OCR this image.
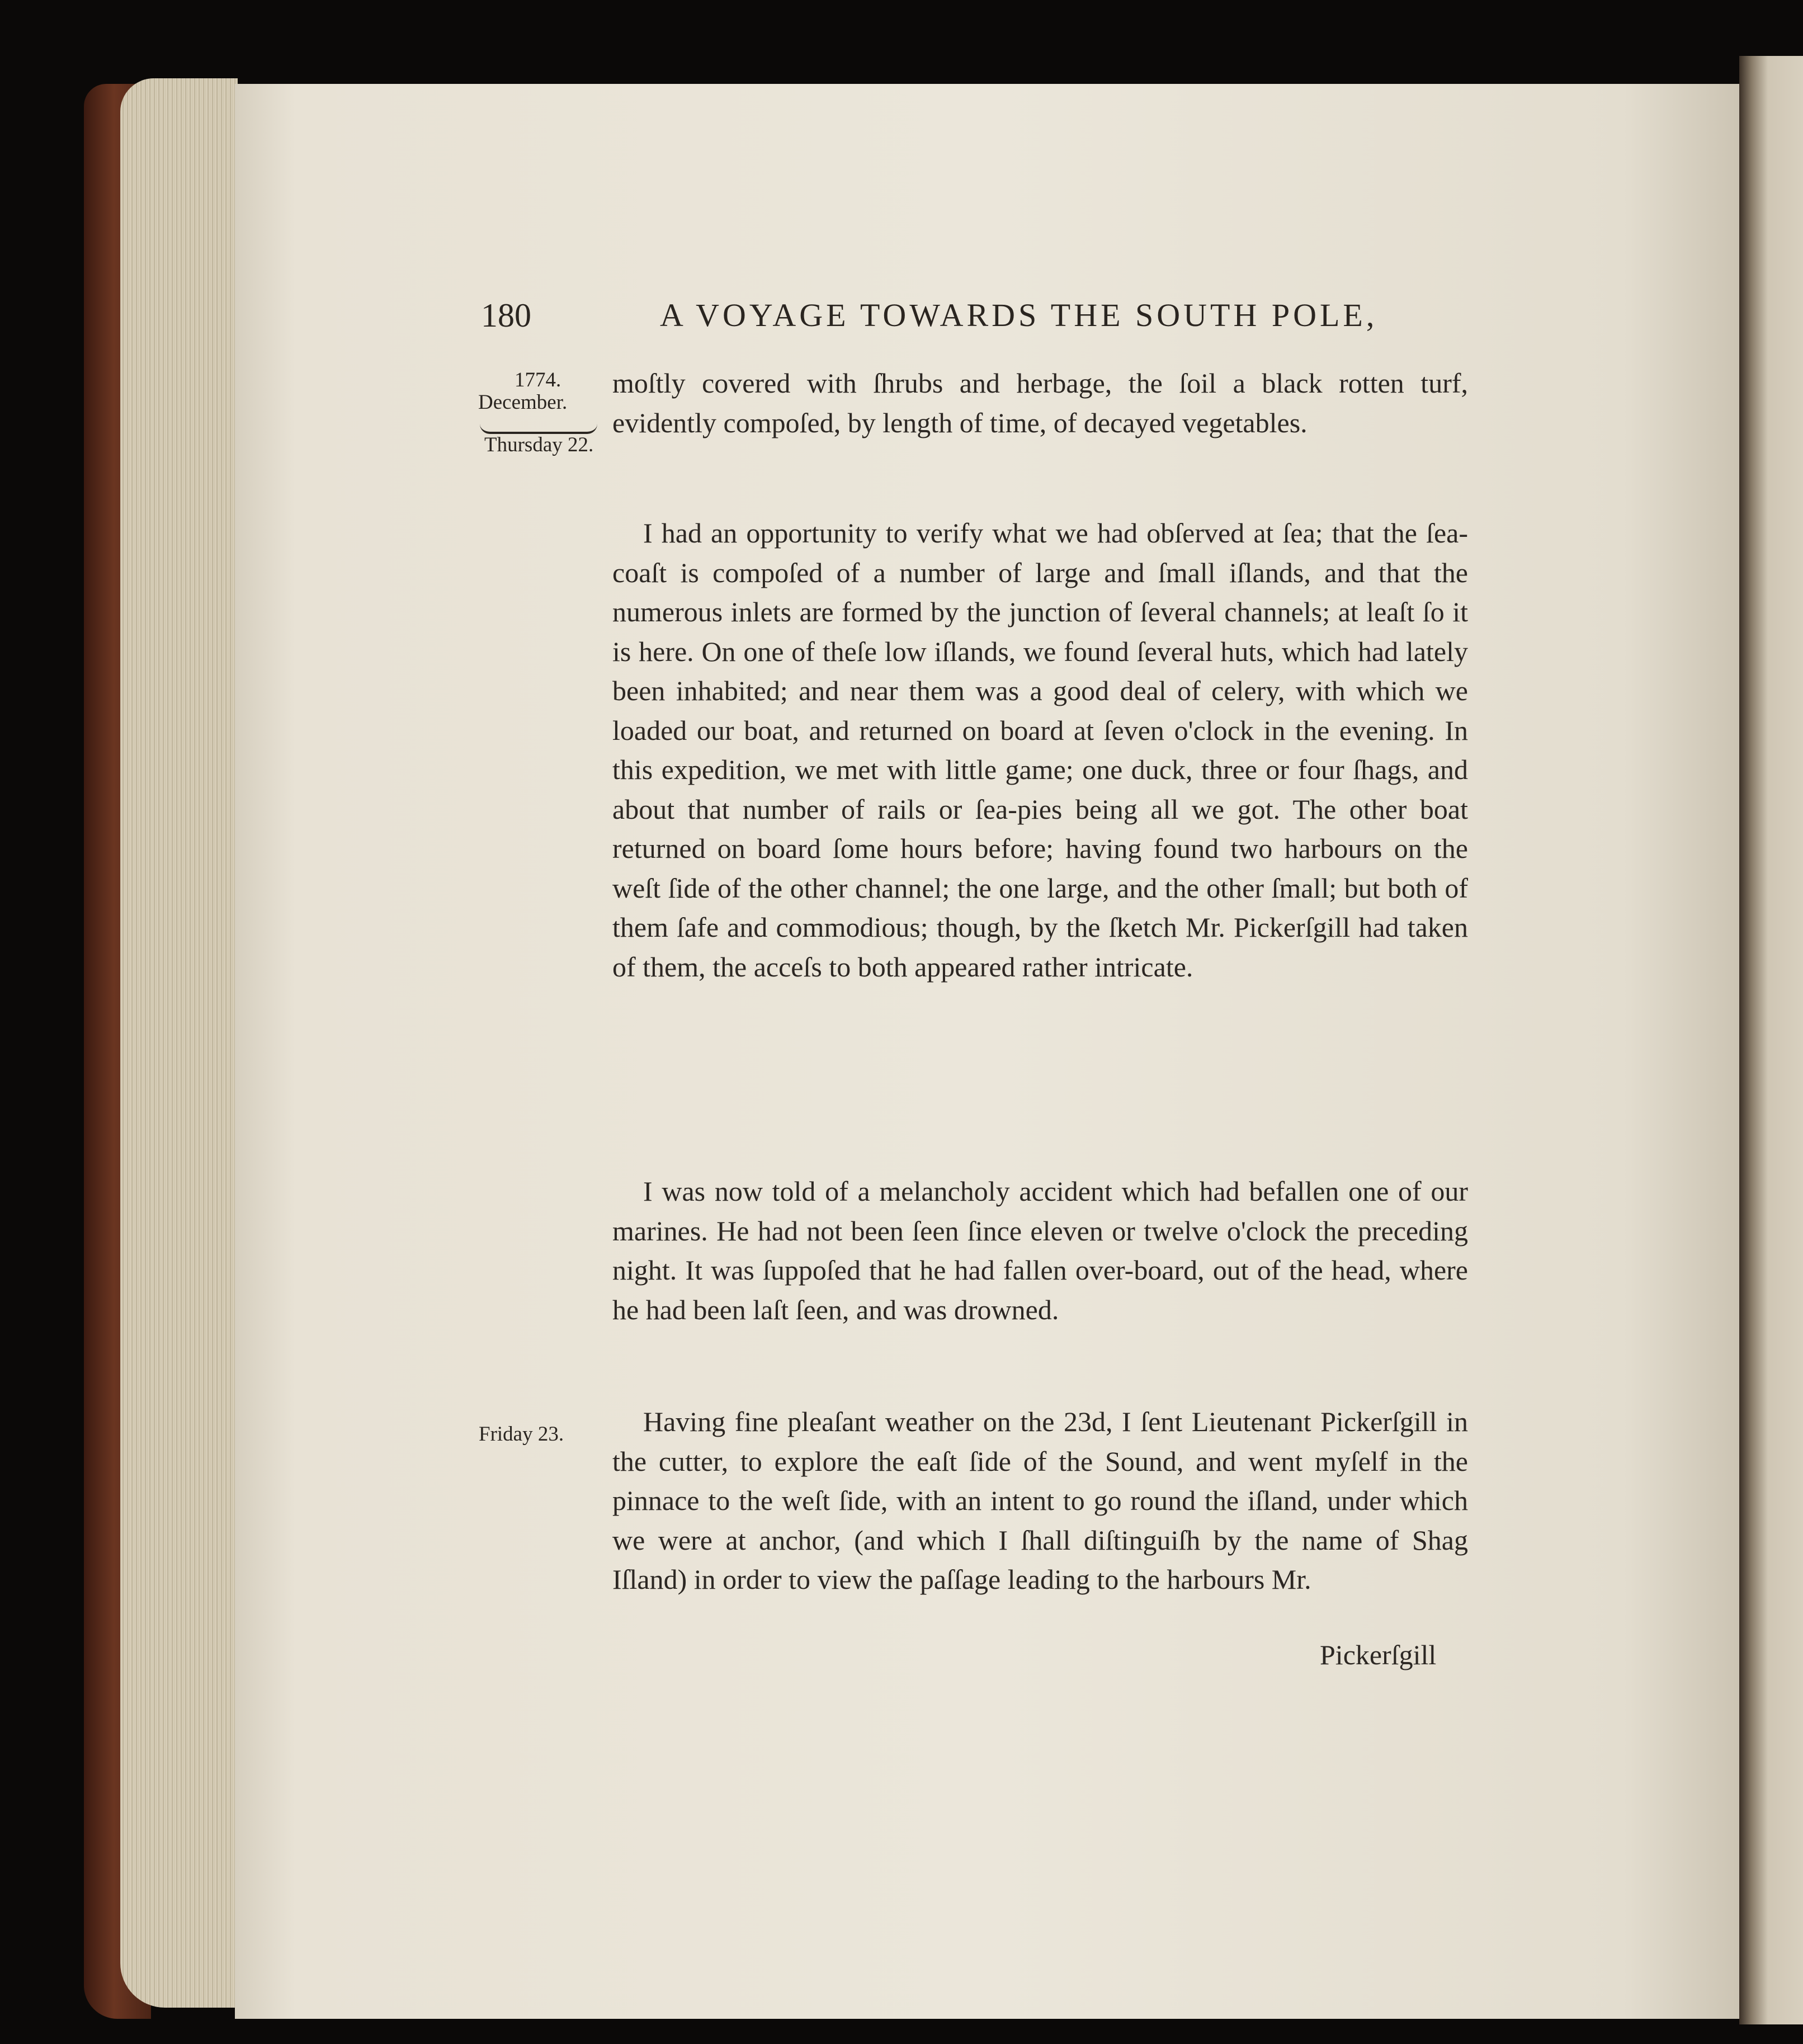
180	A VOYAGE TOWARDS THE SOUTH POLE,
1774.
December.
Thursday 22.
Friday 23.
moſtly covered with ſhrubs and herbage, the ſoil a black rotten turf, evidently compoſed, by length of time, of decayed vegetables.
I had an opportunity to verify what we had obſerved at ſea; that the ſea-coaſt is compoſed of a number of large and ſmall iſlands, and that the numerous inlets are formed by the junction of ſeveral channels; at leaſt ſo it is here. On one of theſe low iſlands, we found ſeveral huts, which had lately been inhabited; and near them was a good deal of celery, with which we loaded our boat, and returned on board at ſeven o'clock in the evening. In this expedition, we met with little game; one duck, three or four ſhags, and about that number of rails or ſea-pies being all we got. The other boat returned on board ſome hours before; having found two harbours on the weſt ſide of the other channel; the one large, and the other ſmall; but both of them ſafe and commodious; though, by the ſketch Mr. Pickerſgill had taken of them, the acceſs to both appeared rather intricate.
I was now told of a melancholy accident which had befallen one of our marines. He had not been ſeen ſince eleven or twelve o'clock the preceding night. It was ſuppoſed that he had fallen over-board, out of the head, where he had been laſt ſeen, and was drowned.
Having fine pleaſant weather on the 23d, I ſent Lieutenant Pickerſgill in the cutter, to explore the eaſt ſide of the Sound, and went myſelf in the pinnace to the weſt ſide, with an intent to go round the iſland, under which we were at anchor, (and which I ſhall diſtinguiſh by the name of Shag Iſland) in order to view the paſſage leading to the harbours Mr.
Pickerſgill
